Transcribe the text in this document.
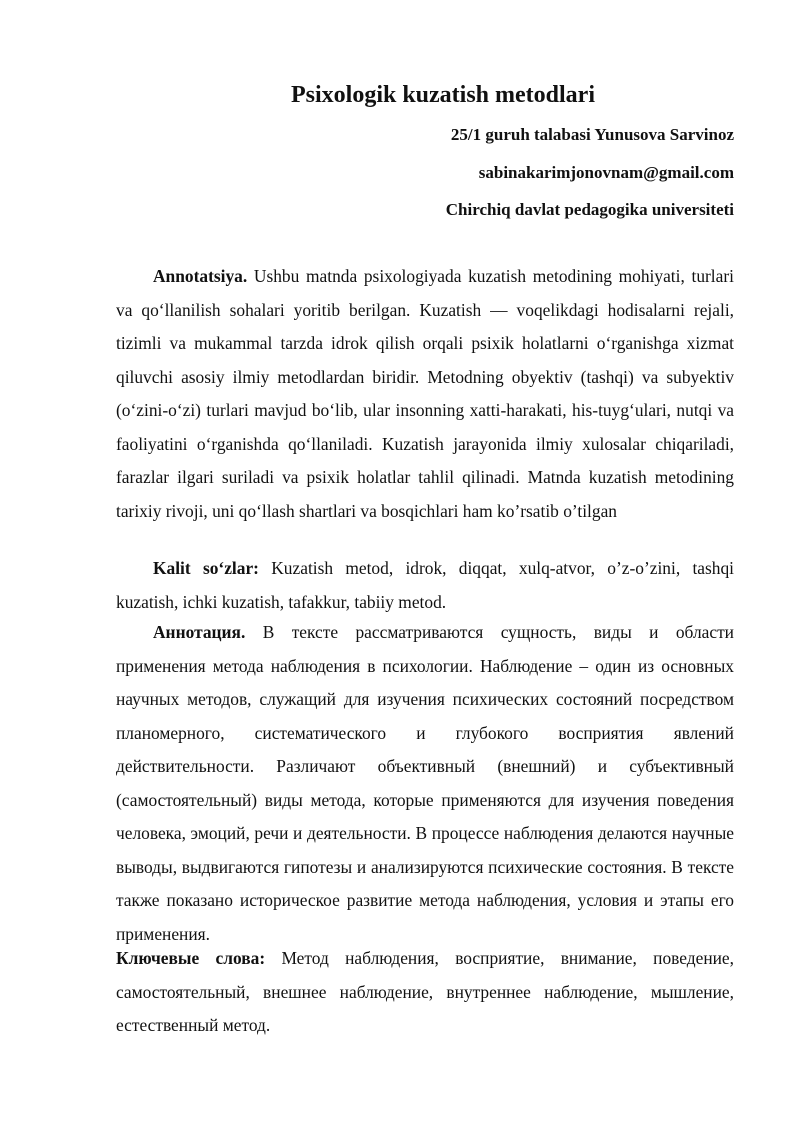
Psixologik kuzatish metodlari
25/1 guruh talabasi Yunusova Sarvinoz
sabinakarimjonovnam@gmail.com
Chirchiq davlat pedagogika universiteti
Annotatsiya. Ushbu matnda psixologiyada kuzatish metodining mohiyati, turlari va qo‘llanilish sohalari yoritib berilgan. Kuzatish — voqelikdagi hodisalarni rejali, tizimli va mukammal tarzda idrok qilish orqali psixik holatlarni o‘rganishga xizmat qiluvchi asosiy ilmiy metodlardan biridir. Metodning obyektiv (tashqi) va subyektiv (o‘zini-o‘zi) turlari mavjud bo‘lib, ular insonning xatti-harakati, his-tuyg‘ulari, nutqi va faoliyatini o‘rganishda qo‘llaniladi. Kuzatish jarayonida ilmiy xulosalar chiqariladi, farazlar ilgari suriladi va psixik holatlar tahlil qilinadi. Matnda kuzatish metodining tarixiy rivoji, uni qo‘llash shartlari va bosqichlari ham ko’rsatib o’tilgan
Kalit so‘zlar: Kuzatish metod, idrok, diqqat, xulq-atvor, o’z-o’zini, tashqi kuzatish, ichki kuzatish, tafakkur, tabiiy metod.
Аннотация. В тексте рассматриваются сущность, виды и области применения метода наблюдения в психологии. Наблюдение – один из основных научных методов, служащий для изучения психических состояний посредством планомерного, систематического и глубокого восприятия явлений действительности. Различают объективный (внешний) и субъективный (самостоятельный) виды метода, которые применяются для изучения поведения человека, эмоций, речи и деятельности. В процессе наблюдения делаются научные выводы, выдвигаются гипотезы и анализируются психические состояния. В тексте также показано историческое развитие метода наблюдения, условия и этапы его применения.
Ключевые слова: Метод наблюдения, восприятие, внимание, поведение, самостоятельный, внешнее наблюдение, внутреннее наблюдение, мышление, естественный метод.
